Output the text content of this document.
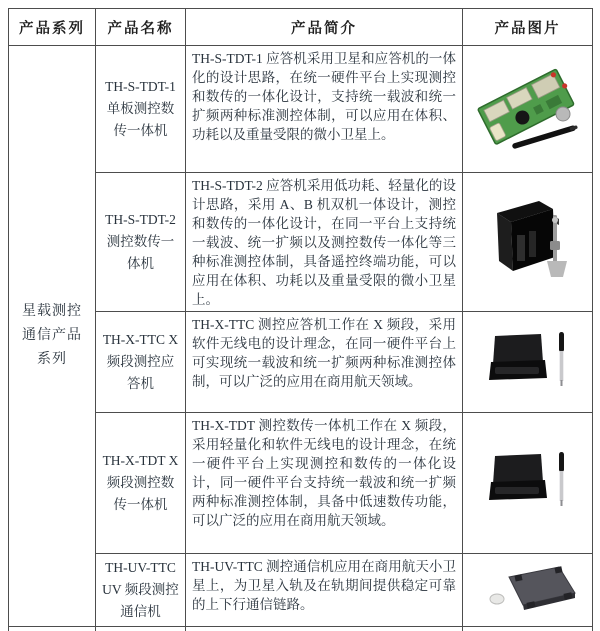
产品系列	产品名称	产品简介	产品图片
星载测控通信产品系列	TH-S-TDT-1 单板测控数传一体机	TH-S-TDT-1 应答机采用卫星和应答机的一体化的设计思路，在统一硬件平台上实现测控和数传的一体化设计，支持统一载波和统一扩频两种标准测控体制，可以应用在体积、功耗以及重量受限的微小卫星上。	
	TH-S-TDT-2 测控数传一体机	TH-S-TDT-2 应答机采用低功耗、轻量化的设计思路，采用 A、B 机双机一体设计，测控和数传的一体化设计，在同一平台上支持统一载波、统一扩频以及测控数传一体化等三种标准测控体制，具备遥控终端功能，可以应用在体积、功耗以及重量受限的微小卫星上。	
	TH-X-TTC X 频段测控应答机	TH-X-TTC 测控应答机工作在 X 频段，采用软件无线电的设计理念，在同一硬件平台上可实现统一载波和统一扩频两种标准测控体制，可以广泛的应用在商用航天领域。	
	TH-X-TDT X 频段测控数传一体机	TH-X-TDT 测控数传一体机工作在 X 频段，采用轻量化和软件无线电的设计理念，在统一硬件平台上实现测控和数传的一体化设计，同一硬件平台支持统一载波和统一扩频两种标准测控体制，具备中低速数传功能，可以广泛的应用在商用航天领域。	
	TH-UV-TTC UV 频段测控通信机	TH-UV-TTC 测控通信机应用在商用航天小卫星上，为卫星入轨及在轨期间提供稳定可靠的上下行通信链路。	
